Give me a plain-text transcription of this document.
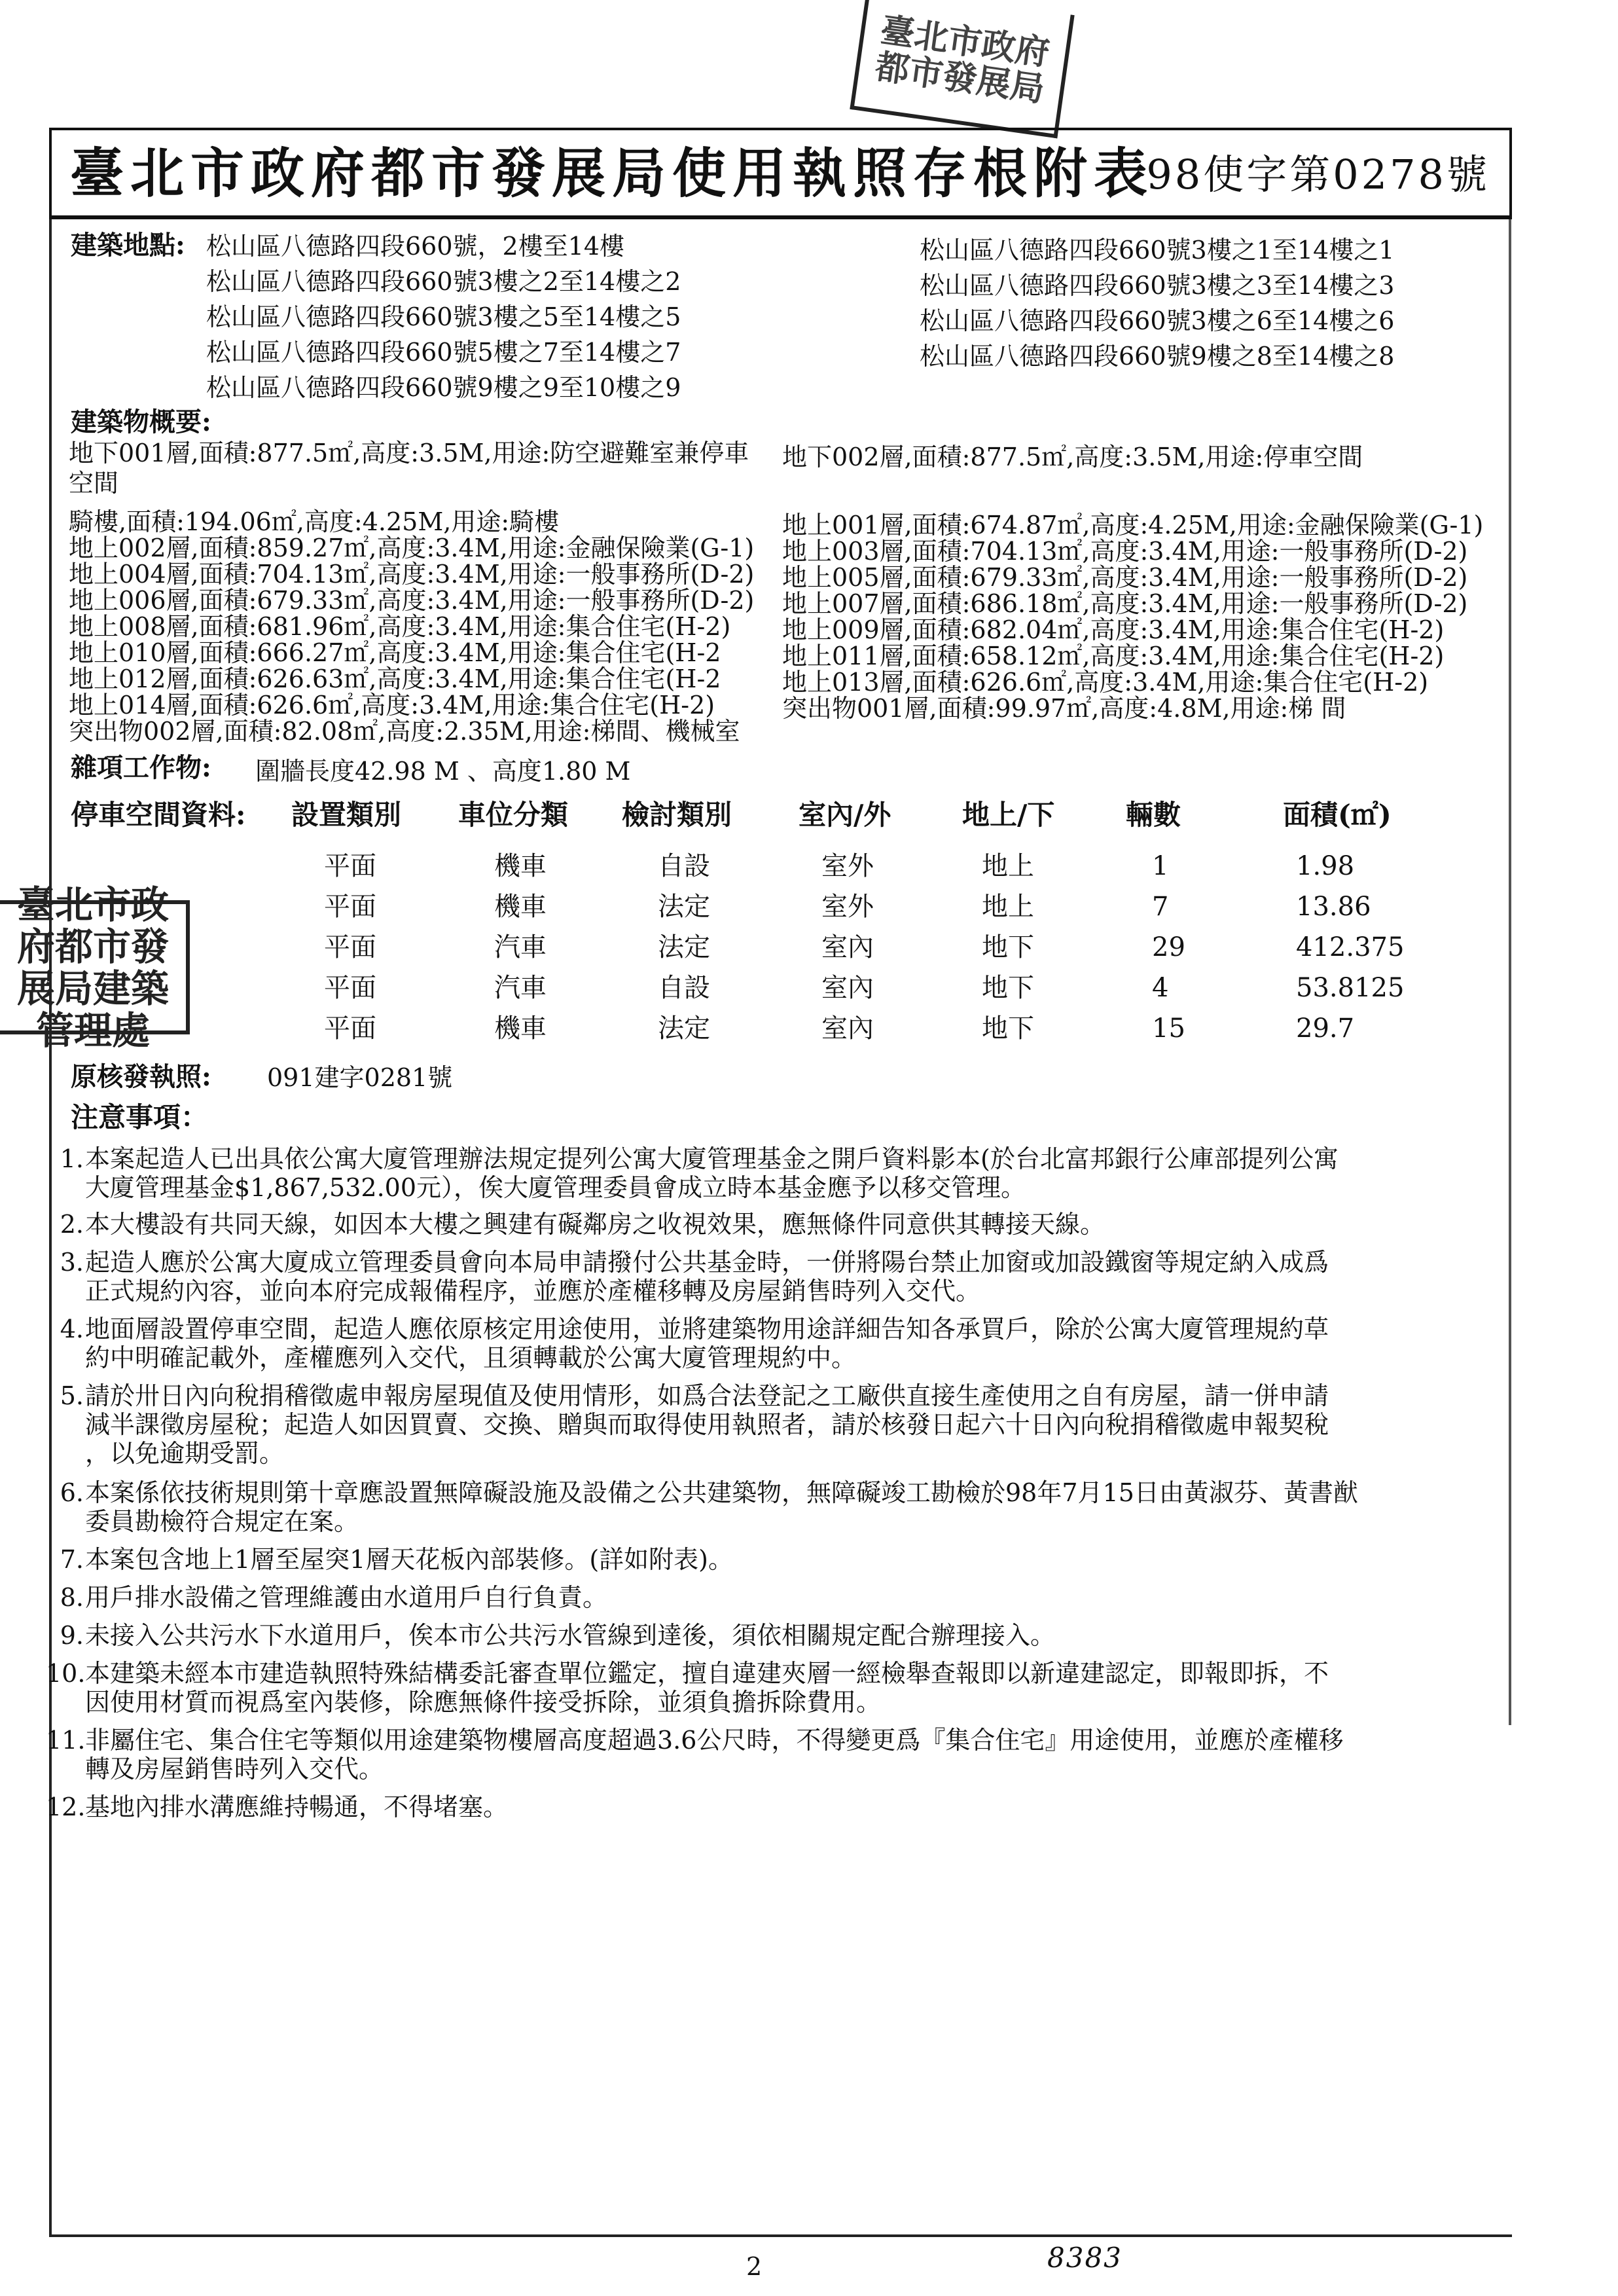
臺北市政府都市發展局
臺北市政府都市發展局使用執照存根附表
98使字第0278號
建築地點: 松山區八德路四段660號，2樓至14樓
松山區八德路四段660號3樓之2至14樓之2
松山區八德路四段660號3樓之5至14樓之5
松山區八德路四段660號5樓之7至14樓之7
松山區八德路四段660號9樓之9至10樓之9
松山區八德路四段660號3樓之1至14樓之1
松山區八德路四段660號3樓之3至14樓之3
松山區八德路四段660號3樓之6至14樓之6
松山區八德路四段660號9樓之8至14樓之8
建築物概要:
地下001層,面積:877.5㎡,高度:3.5M,用途:防空避難室兼停車
空間
地下002層,面積:877.5㎡,高度:3.5M,用途:停車空間
騎樓,面積:194.06㎡,高度:4.25M,用途:騎樓
地上002層,面積:859.27㎡,高度:3.4M,用途:金融保險業(G-1)
地上004層,面積:704.13㎡,高度:3.4M,用途:一般事務所(D-2)
地上006層,面積:679.33㎡,高度:3.4M,用途:一般事務所(D-2)
地上008層,面積:681.96㎡,高度:3.4M,用途:集合住宅(H-2)
地上010層,面積:666.27㎡,高度:3.4M,用途:集合住宅(H-2
地上012層,面積:626.63㎡,高度:3.4M,用途:集合住宅(H-2
地上014層,面積:626.6㎡,高度:3.4M,用途:集合住宅(H-2)
突出物002層,面積:82.08㎡,高度:2.35M,用途:梯間、機械室
地上001層,面積:674.87㎡,高度:4.25M,用途:金融保險業(G-1)
地上003層,面積:704.13㎡,高度:3.4M,用途:一般事務所(D-2)
地上005層,面積:679.33㎡,高度:3.4M,用途:一般事務所(D-2)
地上007層,面積:686.18㎡,高度:3.4M,用途:一般事務所(D-2)
地上009層,面積:682.04㎡,高度:3.4M,用途:集合住宅(H-2)
地上011層,面積:658.12㎡,高度:3.4M,用途:集合住宅(H-2)
地上013層,面積:626.6㎡,高度:3.4M,用途:集合住宅(H-2)
突出物001層,面積:99.97㎡,高度:4.8M,用途:梯 間
雜項工作物: 圍牆長度42.98 M 、高度1.80 M
停車空間資料: 設置類別 車位分類 檢討類別 室內/外	地上/下	輛數	面積(㎡)
平面	機車	自設	室外	地上	1	1.98
平面	機車	法定	室外	地上	7	13.86
平面	汽車	法定	室內	地下	29	412.375
平面	汽車	自設	室內	地下	4	53.8125
平面	機車	法定	室內	地下	15	29.7
臺北市政府都市發展局建築管理處
原核發執照: 091建字0281號
注意事項：
1. 本案起造人已出具依公寓大廈管理辦法規定提列公寓大廈管理基金之開戶資料影本(於台北富邦銀行公庫部提列公寓
大廈管理基金$1,867,532.00元），俟大廈管理委員會成立時本基金應予以移交管理。
2. 本大樓設有共同天線，如因本大樓之興建有礙鄰房之收視效果，應無條件同意供其轉接天線。
3. 起造人應於公寓大廈成立管理委員會向本局申請撥付公共基金時，一併將陽台禁止加窗或加設鐵窗等規定納入成爲
正式規約內容，並向本府完成報備程序，並應於產權移轉及房屋銷售時列入交代。
4. 地面層設置停車空間，起造人應依原核定用途使用，並將建築物用途詳細告知各承買戶，除於公寓大廈管理規約草
約中明確記載外，產權應列入交代，且須轉載於公寓大廈管理規約中。
5. 請於卅日內向稅捐稽徵處申報房屋現值及使用情形，如爲合法登記之工廠供直接生產使用之自有房屋，請一併申請
減半課徵房屋稅；起造人如因買賣、交換、贈與而取得使用執照者，請於核發日起六十日內向稅捐稽徵處申報契稅
，以免逾期受罰。
6. 本案係依技術規則第十章應設置無障礙設施及設備之公共建築物，無障礙竣工勘檢於98年7月15日由黃淑芬、黃書猷
委員勘檢符合規定在案。
7. 本案包含地上1層至屋突1層天花板內部裝修。(詳如附表)。
8. 用戶排水設備之管理維護由水道用戶自行負責。
9. 未接入公共污水下水道用戶，俟本市公共污水管線到達後，須依相關規定配合辦理接入。
10. 本建築未經本市建造執照特殊結構委託審查單位鑑定，擅自違建夾層一經檢舉查報即以新違建認定，即報即拆，不
因使用材質而視爲室內裝修，除應無條件接受拆除，並須負擔拆除費用。
11. 非屬住宅、集合住宅等類似用途建築物樓層高度超過3.6公尺時，不得變更爲『集合住宅』用途使用，並應於產權移
轉及房屋銷售時列入交代。
12. 基地內排水溝應維持暢通，不得堵塞。
2	8383
